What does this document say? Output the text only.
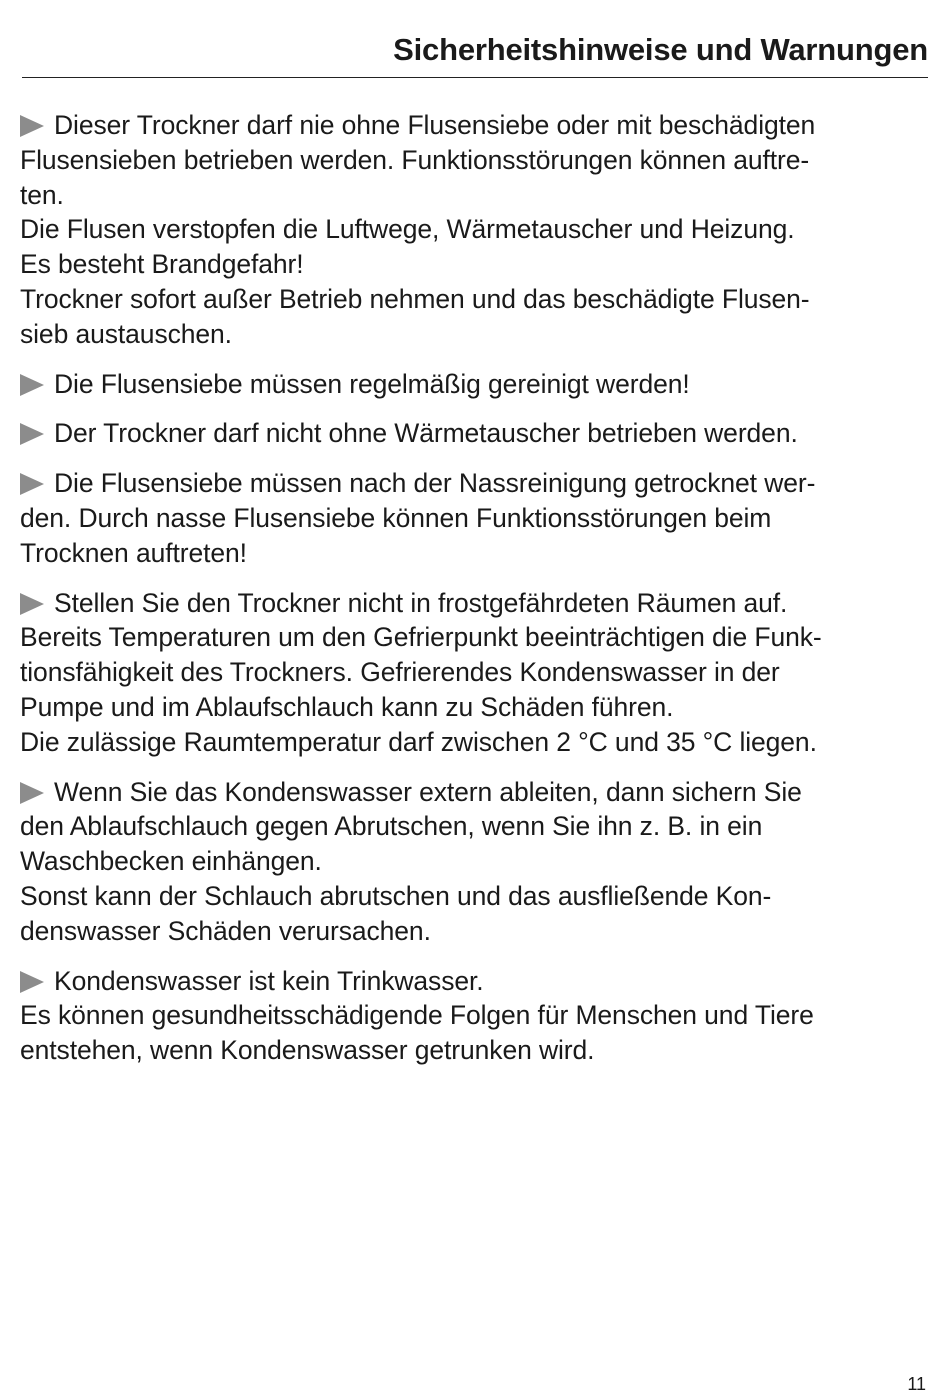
Sicherheitshinweise und Warnungen
Dieser Trockner darf nie ohne Flusensiebe oder mit beschädigten
Flusensieben betrieben werden. Funktionsstörungen können auftre-
ten.
Die Flusen verstopfen die Luftwege, Wärmetauscher und Heizung.
Es besteht Brandgefahr!
Trockner sofort außer Betrieb nehmen und das beschädigte Flusen-
sieb austauschen.
Die Flusensiebe müssen regelmäßig gereinigt werden!
Der Trockner darf nicht ohne Wärmetauscher betrieben werden.
Die Flusensiebe müssen nach der Nassreinigung getrocknet wer-
den. Durch nasse Flusensiebe können Funktionsstörungen beim
Trocknen auftreten!
Stellen Sie den Trockner nicht in frostgefährdeten Räumen auf.
Bereits Temperaturen um den Gefrierpunkt beeinträchtigen die Funk-
tionsfähigkeit des Trockners. Gefrierendes Kondenswasser in der
Pumpe und im Ablaufschlauch kann zu Schäden führen.
Die zulässige Raumtemperatur darf zwischen 2 °C und 35 °C liegen.
Wenn Sie das Kondenswasser extern ableiten, dann sichern Sie
den Ablaufschlauch gegen Abrutschen, wenn Sie ihn z. B. in ein
Waschbecken einhängen.
Sonst kann der Schlauch abrutschen und das ausfließende Kon-
denswasser Schäden verursachen.
Kondenswasser ist kein Trinkwasser.
Es können gesundheitsschädigende Folgen für Menschen und Tiere
entstehen, wenn Kondenswasser getrunken wird.
11
